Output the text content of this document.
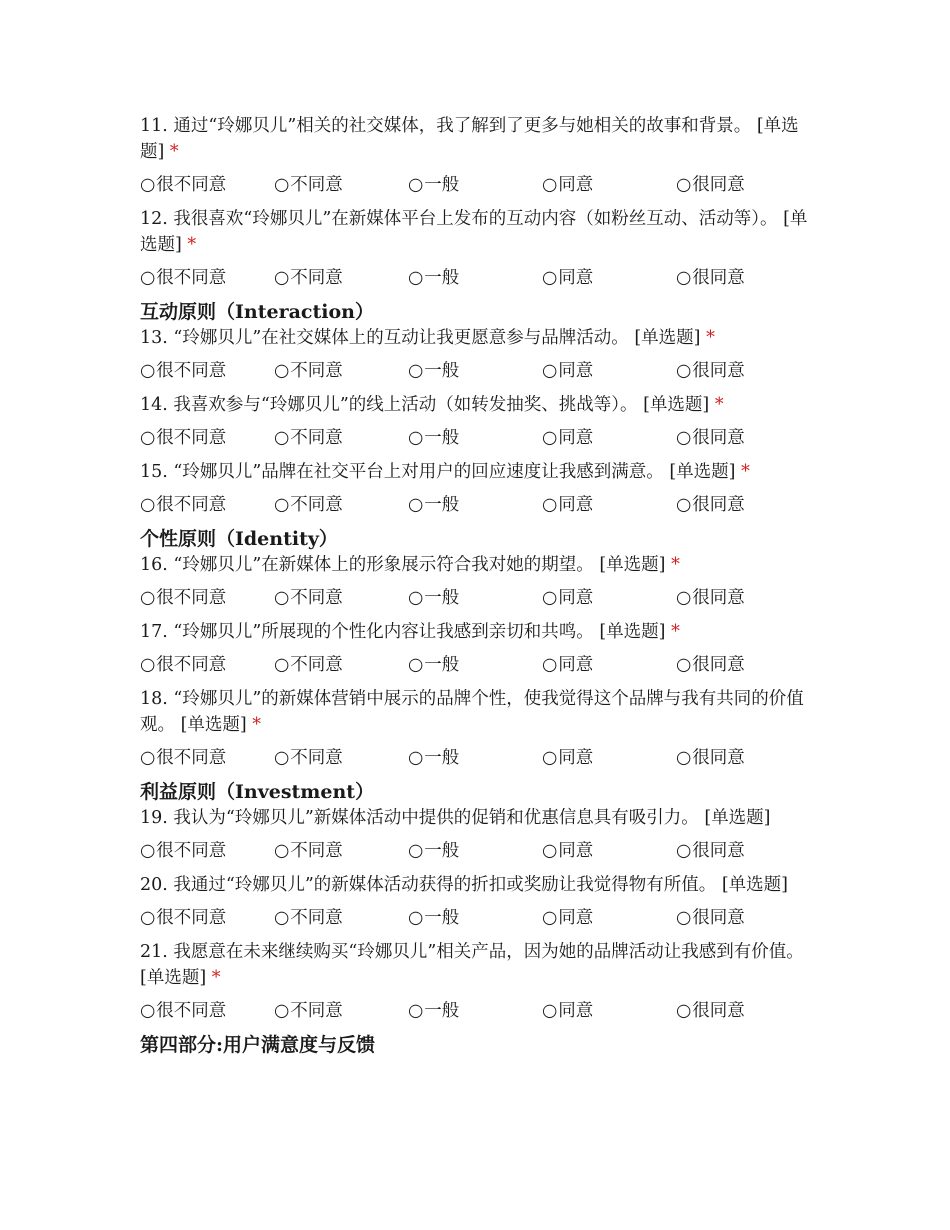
11. 通过“玲娜贝儿”相关的社交媒体，我了解到了更多与她相关的故事和背景。 [单选题] *

○很不同意	○不同意	○一般	○同意	○很同意

12. 我很喜欢“玲娜贝儿”在新媒体平台上发布的互动内容（如粉丝互动、活动等）。 [单选题] *

○很不同意	○不同意	○一般	○同意	○很同意
互动原则（Interaction）

13. “玲娜贝儿”在社交媒体上的互动让我更愿意参与品牌活动。 [单选题] *

○很不同意	○不同意	○一般	○同意	○很同意

14. 我喜欢参与“玲娜贝儿”的线上活动（如转发抽奖、挑战等）。 [单选题] *

○很不同意	○不同意	○一般	○同意	○很同意

15. “玲娜贝儿”品牌在社交平台上对用户的回应速度让我感到满意。 [单选题] *

○很不同意	○不同意	○一般	○同意	○很同意
个性原则（Identity）

16. “玲娜贝儿”在新媒体上的形象展示符合我对她的期望。 [单选题] *

○很不同意	○不同意	○一般	○同意	○很同意

17. “玲娜贝儿”所展现的个性化内容让我感到亲切和共鸣。 [单选题] *

○很不同意	○不同意	○一般	○同意	○很同意

18. “玲娜贝儿”的新媒体营销中展示的品牌个性，使我觉得这个品牌与我有共同的价值观。 [单选题] *

○很不同意	○不同意	○一般	○同意	○很同意
利益原则（Investment）

19. 我认为“玲娜贝儿”新媒体活动中提供的促销和优惠信息具有吸引力。 [单选题]

○很不同意	○不同意	○一般	○同意	○很同意

20. 我通过“玲娜贝儿”的新媒体活动获得的折扣或奖励让我觉得物有所值。 [单选题]

○很不同意	○不同意	○一般	○同意	○很同意

21. 我愿意在未来继续购买“玲娜贝儿”相关产品，因为她的品牌活动让我感到有价值。 [单选题] *

○很不同意	○不同意	○一般	○同意	○很同意
第四部分:用户满意度与反馈
